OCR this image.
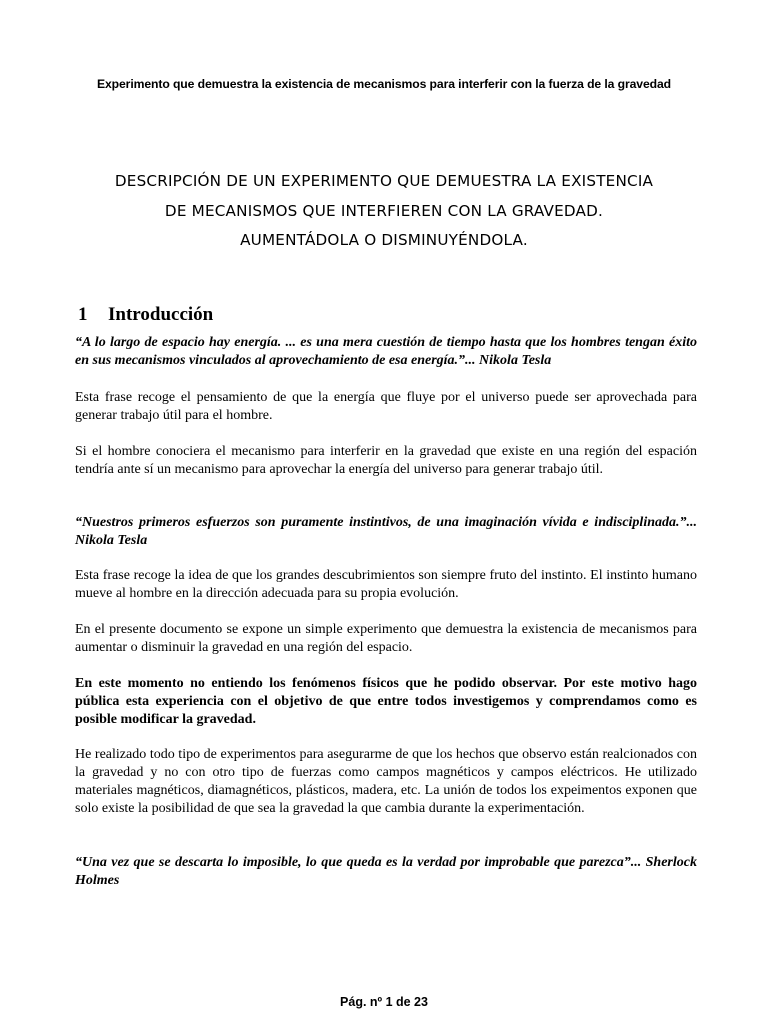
Experimento que demuestra la existencia de mecanismos para interferir con la fuerza de la gravedad
DESCRIPCIÓN DE UN EXPERIMENTO QUE DEMUESTRA LA EXISTENCIA
DE MECANISMOS QUE INTERFIEREN CON LA GRAVEDAD.
AUMENTÁDOLA O DISMINUYÉNDOLA.
1 Introducción

“A lo largo de espacio hay energía. ... es una mera cuestión de tiempo hasta que los hombres tengan éxito en sus mecanismos vinculados al aprovechamiento de esa energía.”... Nikola Tesla

Esta frase recoge el pensamiento de que la energía que fluye por el universo puede ser aprovechada para generar trabajo útil para el hombre.

Si el hombre conociera el mecanismo para interferir en la gravedad que existe en una región del espación tendría ante sí un mecanismo para aprovechar la energía del universo para generar trabajo útil.

“Nuestros primeros esfuerzos son puramente instintivos, de una imaginación vívida e indisciplinada.”... Nikola Tesla

Esta frase recoge la idea de que los grandes descubrimientos son siempre fruto del instinto. El instinto humano mueve al hombre en la dirección adecuada para su propia evolución.

En el presente documento se expone un simple experimento que demuestra la existencia de mecanismos para aumentar o disminuir la gravedad en una región del espacio.

En este momento no entiendo los fenómenos físicos que he podido observar. Por este motivo hago pública esta experiencia con el objetivo de que entre todos investigemos y comprendamos como es posible modificar la gravedad.

He realizado todo tipo de experimentos para asegurarme de que los hechos que observo están realcionados con la gravedad y no con otro tipo de fuerzas como campos magnéticos y campos eléctricos. He utilizado materiales magnéticos, diamagnéticos, plásticos, madera, etc. La unión de todos los expeimentos exponen que solo existe la posibilidad de que sea la gravedad la que cambia durante la experimentación.

“Una vez que se descarta lo imposible, lo que queda es la verdad por improbable que parezca”... Sherlock Holmes

Pág. nº 1 de 23
